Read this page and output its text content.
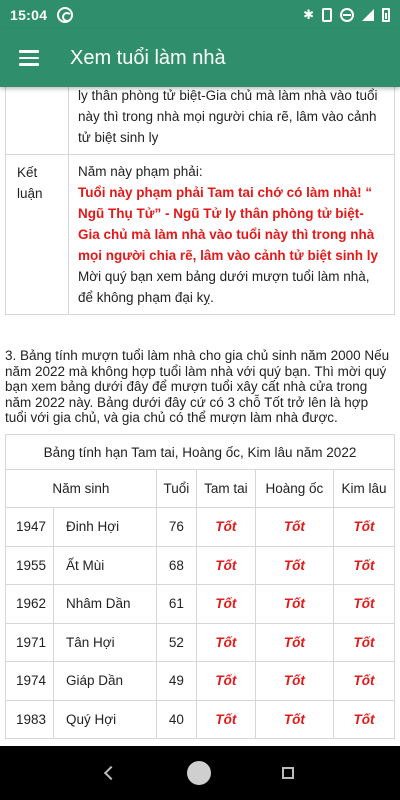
15:04	✱
Xem tuổi làm nhà
ly thân phòng tử biệt-Gia chủ mà làm nhà vào tuổi này thì trong nhà mọi người chia rẽ, lâm vào cảnh tử biệt sinh ly
Kết luận
Năm này phạm phải:
Tuổi này phạm phải Tam tai chớ có làm nhà! “ Ngũ Thụ Tử” - Ngũ Tử ly thân phòng tử biệt-Gia chủ mà làm nhà vào tuổi này thì trong nhà mọi người chia rẽ, lâm vào cảnh tử biệt sinh ly
Mời quý bạn xem bảng dưới mượn tuổi làm nhà, để không phạm đại kỵ.

3. Bảng tính mượn tuổi làm nhà cho gia chủ sinh năm 2000 Nếu năm 2022 mà không hợp tuổi làm nhà với quý bạn. Thì mời quý bạn xem bảng dưới đây để mượn tuổi xây cất nhà cửa trong năm 2022 này. Bảng dưới đây cứ có 3 chỗ Tốt trở lên là hợp tuổi với gia chủ, và gia chủ có thể mượn làm nhà được.

Bảng tính hạn Tam tai, Hoàng ốc, Kim lâu năm 2022
Năm sinh		Tuổi	Tam tai	Hoàng ốc	Kim lâu
1947	Đinh Hợi	76	Tốt	Tốt	Tốt
1955	Ất Mùi	68	Tốt	Tốt	Tốt
1962	Nhâm Dần	61	Tốt	Tốt	Tốt
1971	Tân Hợi	52	Tốt	Tốt	Tốt
1974	Giáp Dần	49	Tốt	Tốt	Tốt
1983	Quý Hợi	40	Tốt	Tốt	Tốt
